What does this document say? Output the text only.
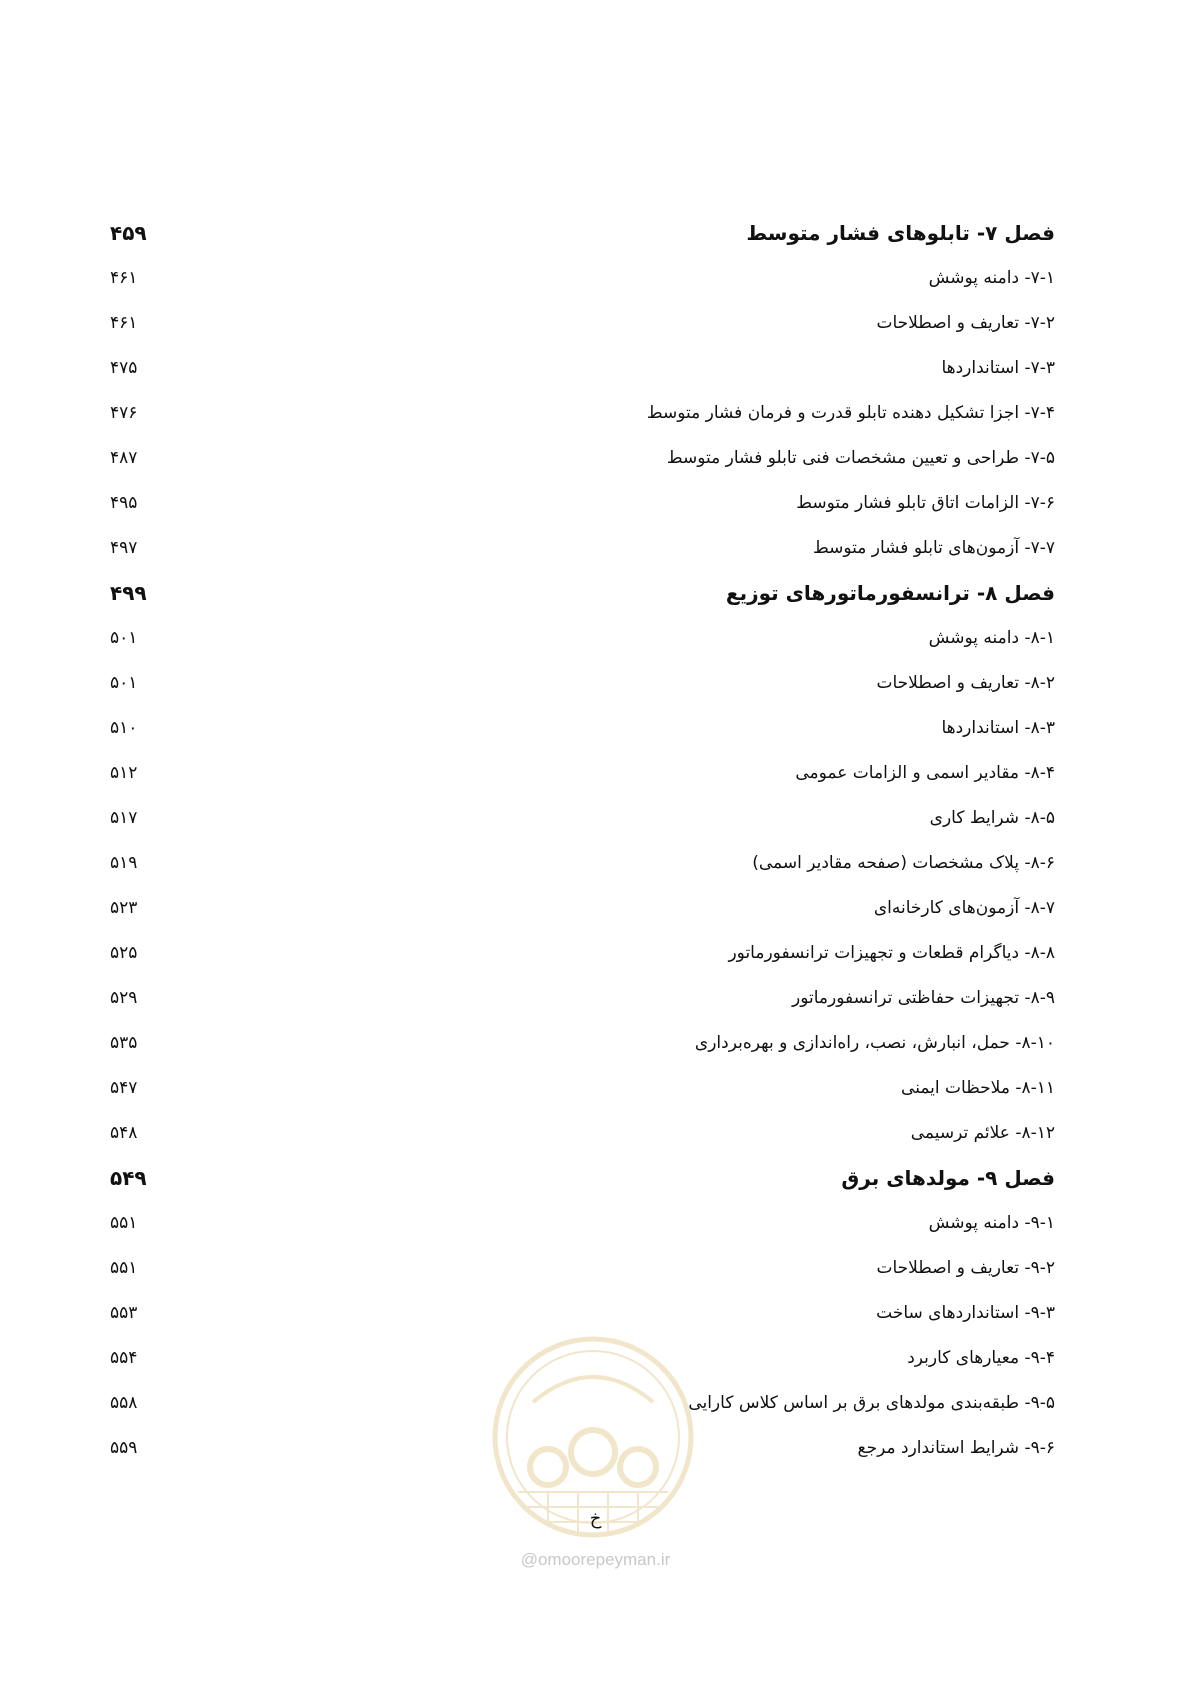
فصل ۷- تابلوهای فشار متوسط
۴۵۹
۷-۱- دامنه پوشش
۴۶۱
۷-۲- تعاریف و اصطلاحات
۴۶۱
۷-۳- استانداردها
۴۷۵
۷-۴- اجزا تشکیل دهنده تابلو قدرت و فرمان فشار متوسط
۴۷۶
۷-۵- طراحی و تعیین مشخصات فنی تابلو فشار متوسط
۴۸۷
۷-۶- الزامات اتاق تابلو فشار متوسط
۴۹۵
۷-۷- آزمون‌های تابلو فشار متوسط
۴۹۷
فصل ۸- ترانسفورماتورهای توزیع
۴۹۹
۸-۱- دامنه پوشش
۵۰۱
۸-۲- تعاریف و اصطلاحات
۵۰۱
۸-۳- استانداردها
۵۱۰
۸-۴- مقادیر اسمی و الزامات عمومی
۵۱۲
۸-۵- شرایط کاری
۵۱۷
۸-۶- پلاک مشخصات (صفحه مقادیر اسمی)
۵۱۹
۸-۷- آزمون‌های کارخانه‌ای
۵۲۳
۸-۸- دیاگرام قطعات و تجهیزات ترانسفورماتور
۵۲۵
۸-۹- تجهیزات حفاظتی ترانسفورماتور
۵۲۹
۸-۱۰- حمل، انبارش، نصب، راه‌اندازی و بهره‌برداری
۵۳۵
۸-۱۱- ملاحظات ایمنی
۵۴۷
۸-۱۲- علائم ترسیمی
۵۴۸
فصل ۹- مولدهای برق
۵۴۹
۹-۱- دامنه پوشش
۵۵۱
۹-۲- تعاریف و اصطلاحات
۵۵۱
۹-۳- استانداردهای ساخت
۵۵۳
۹-۴- معیارهای کاربرد
۵۵۴
۹-۵- طبقه‌بندی مولدهای برق بر اساس کلاس کارایی
۵۵۸
۹-۶- شرایط استاندارد مرجع
۵۵۹
خ
@omoorepeyman.ir
